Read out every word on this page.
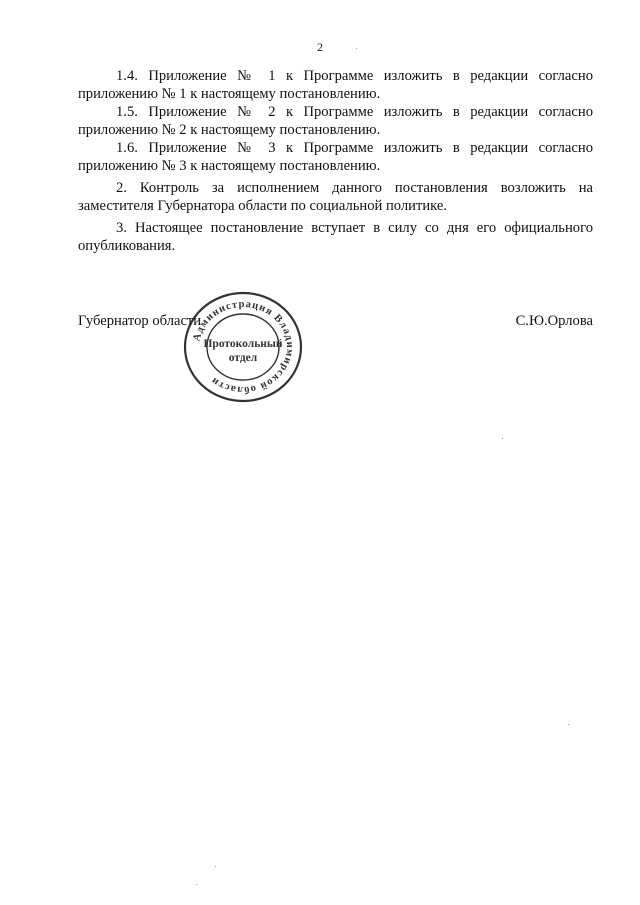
2

1.4. Приложение № 1 к Программе изложить в редакции согласно приложению № 1 к настоящему постановлению.

1.5. Приложение № 2 к Программе изложить в редакции согласно приложению № 2 к настоящему постановлению.

1.6. Приложение № 3 к Программе изложить в редакции согласно приложению № 3 к настоящему постановлению.

2. Контроль за исполнением данного постановления возложить на заместителя Губернатора области по социальной политике.

3. Настоящее постановление вступает в силу со дня его официального опубликования.

Губернатор области	С.Ю.Орлова
Администрация Владимирской области
Протокольный
отдел
